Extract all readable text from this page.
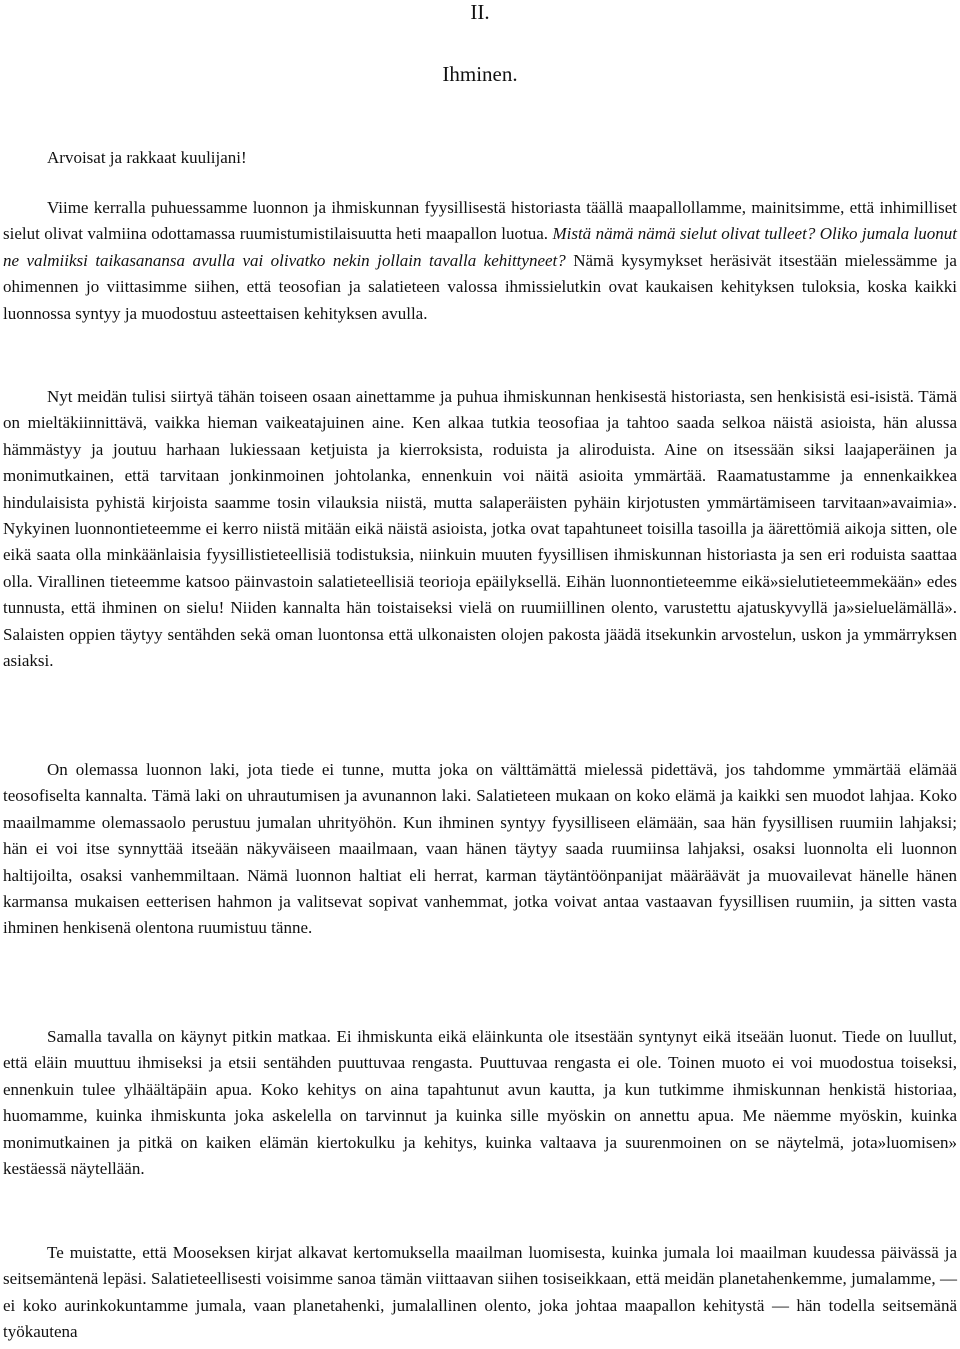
II.
Ihminen.
Arvoisat ja rakkaat kuulijani!

Viime kerralla puhuessamme luonnon ja ihmiskunnan fyysillisestä historiasta täällä maapallollamme, mainitsimme, että inhimilliset sielut olivat valmiina odottamassa ruumistumistilaisuutta heti maapallon luotua. Mistä nämä nämä sielut olivat tulleet? Oliko jumala luonut ne valmiiksi taikasanansa avulla vai olivatko nekin jollain tavalla kehittyneet? Nämä kysymykset heräsivät itsestään mielessämme ja ohimennen jo viittasimme siihen, että teosofian ja salatieteen valossa ihmissielutkin ovat kaukaisen kehityksen tuloksia, koska kaikki luonnossa syntyy ja muodostuu asteettaisen kehityksen avulla.

Nyt meidän tulisi siirtyä tähän toiseen osaan ainettamme ja puhua ihmiskunnan henkisestä historiasta, sen henkisistä esi-isistä. Tämä on mieltäkiinnittävä, vaikka hieman vaikeatajuinen aine. Ken alkaa tutkia teosofiaa ja tahtoo saada selkoa näistä asioista, hän alussa hämmästyy ja joutuu harhaan lukiessaan ketjuista ja kierroksista, roduista ja aliroduista. Aine on itsessään siksi laajaperäinen ja monimutkainen, että tarvitaan jonkinmoinen johtolanka, ennenkuin voi näitä asioita ymmärtää. Raamatustamme ja ennenkaikkea hindulaisista pyhistä kirjoista saamme tosin vilauksia niistä, mutta salaperäisten pyhäin kirjotusten ymmärtämiseen tarvitaan»avaimia». Nykyinen luonnontieteemme ei kerro niistä mitään eikä näistä asioista, jotka ovat tapahtuneet toisilla tasoilla ja äärettömiä aikoja sitten, ole eikä saata olla minkäänlaisia fyysillistieteellisiä todistuksia, niinkuin muuten fyysillisen ihmiskunnan historiasta ja sen eri roduista saattaa olla. Virallinen tieteemme katsoo päinvastoin salatieteellisiä teorioja epäilyksellä. Eihän luonnontieteemme eikä»sielutieteemmekään» edes tunnusta, että ihminen on sielu! Niiden kannalta hän toistaiseksi vielä on ruumiillinen olento, varustettu ajatuskyvyllä ja»sieluelämällä». Salaisten oppien täytyy sentähden sekä oman luontonsa että ulkonaisten olojen pakosta jäädä itsekunkin arvostelun, uskon ja ymmärryksen asiaksi.

On olemassa luonnon laki, jota tiede ei tunne, mutta joka on välttämättä mielessä pidettävä, jos tahdomme ymmärtää elämää teosofiselta kannalta. Tämä laki on uhrautumisen ja avunannon laki. Salatieteen mukaan on koko elämä ja kaikki sen muodot lahjaa. Koko maailmamme olemassaolo perustuu jumalan uhrityöhön. Kun ihminen syntyy fyysilliseen elämään, saa hän fyysillisen ruumiin lahjaksi; hän ei voi itse synnyttää itseään näkyväiseen maailmaan, vaan hänen täytyy saada ruumiinsa lahjaksi, osaksi luonnolta eli luonnon haltijoilta, osaksi vanhemmiltaan. Nämä luonnon haltiat eli herrat, karman täytäntöönpanijat määräävät ja muovailevat hänelle hänen karmansa mukaisen eetterisen hahmon ja valitsevat sopivat vanhemmat, jotka voivat antaa vastaavan fyysillisen ruumiin, ja sitten vasta ihminen henkisenä olentona ruumistuu tänne.

Samalla tavalla on käynyt pitkin matkaa. Ei ihmiskunta eikä eläinkunta ole itsestään syntynyt eikä itseään luonut. Tiede on luullut, että eläin muuttuu ihmiseksi ja etsii sentähden puuttuvaa rengasta. Puuttuvaa rengasta ei ole. Toinen muoto ei voi muodostua toiseksi, ennenkuin tulee ylhäältäpäin apua. Koko kehitys on aina tapahtunut avun kautta, ja kun tutkimme ihmiskunnan henkistä historiaa, huomamme, kuinka ihmiskunta joka askelella on tarvinnut ja kuinka sille myöskin on annettu apua. Me näemme myöskin, kuinka monimutkainen ja pitkä on kaiken elämän kiertokulku ja kehitys, kuinka valtaava ja suurenmoinen on se näytelmä, jota»luomisen» kestäessä näytellään.

Te muistatte, että Mooseksen kirjat alkavat kertomuksella maailman luomisesta, kuinka jumala loi maailman kuudessa päivässä ja seitsemäntenä lepäsi. Salatieteellisesti voisimme sanoa tämän viittaavan siihen tosiseikkaan, että meidän planetahenkemme, jumalamme, — ei koko aurinkokuntamme jumala, vaan planetahenki, jumalallinen olento, joka johtaa maapallon kehitystä — hän todella seitsemänä työkautena
